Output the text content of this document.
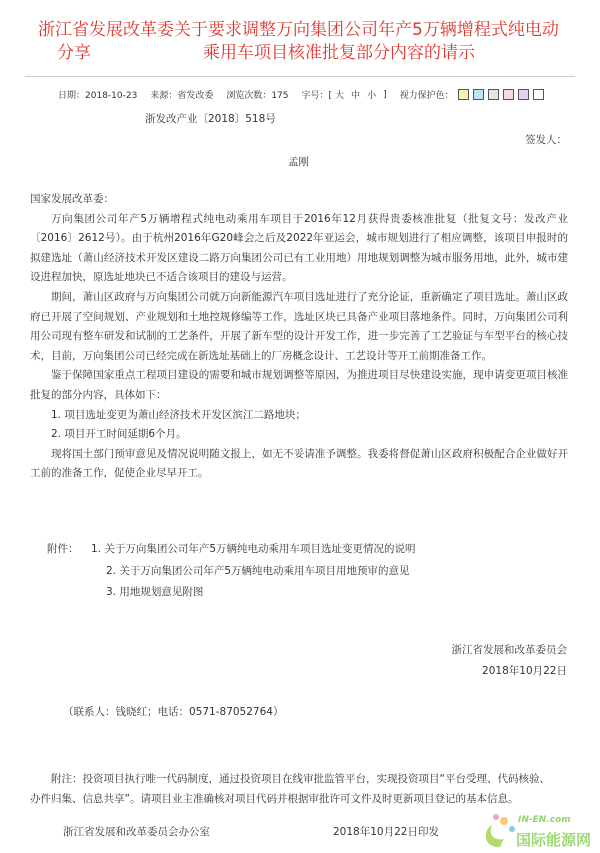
浙江省发展改革委关于要求调整万向集团公司年产5万辆增程式纯电动
分享	乘用车项目核准批复部分内容的请示
日期：2018-10-23 来源：省发改委 浏览次数：175 字号：[ 大 中 小 ] 视力保护色：
浙发改产业〔2018〕518号
签发人：
孟刚

国家发展改革委：

万向集团公司年产5万辆增程式纯电动乘用车项目于2016年12月获得贵委核准批复（批复文号：发改产业〔2016〕2612号）。由于杭州2016年G20峰会之后及2022年亚运会，城市规划进行了相应调整，该项目申报时的拟建选址（萧山经济技术开发区建设二路万向集团公司已有工业用地）用地规划调整为城市服务用地，此外，城市建设进程加快，原选址地块已不适合该项目的建设与运营。

期间，萧山区政府与万向集团公司就万向新能源汽车项目选址进行了充分论证，重新确定了项目选址。萧山区政府已开展了空间规划、产业规划和土地控规修编等工作，选址区块已具备产业项目落地条件。同时，万向集团公司利用公司现有整车研发和试制的工艺条件，开展了新车型的设计开发工作，进一步完善了工艺验证与车型平台的核心技术，目前，万向集团公司已经完成在新选址基础上的厂房概念设计、工艺设计等开工前期准备工作。

鉴于保障国家重点工程项目建设的需要和城市规划调整等原因，为推进项目尽快建设实施，现申请变更项目核准批复的部分内容，具体如下：

1. 项目选址变更为萧山经济技术开发区滨江二路地块；

2. 项目开工时间延期6个月。

现将国土部门预审意见及情况说明随文报上，如无不妥请准予调整。我委将督促萧山区政府积极配合企业做好开工前的准备工作，促使企业尽早开工。

附件： 1. 关于万向集团公司年产5万辆纯电动乘用车项目选址变更情况的说明
2. 关于万向集团公司年产5万辆纯电动乘用车项目用地预审的意见
3. 用地规划意见附图
浙江省发展和改革委员会
2018年10月22日
（联系人：钱晓红；电话：0571-87052764）
附注：投资项目执行唯一代码制度，通过投资项目在线审批监管平台，实现投资项目“平台受理、代码核验、办件归集、信息共享”。请项目业主准确核对项目代码并根据审批许可文件及时更新项目登记的基本信息。
浙江省发展和改革委员会办公室	2018年10月22日印发
IN-EN.com
国际能源网
